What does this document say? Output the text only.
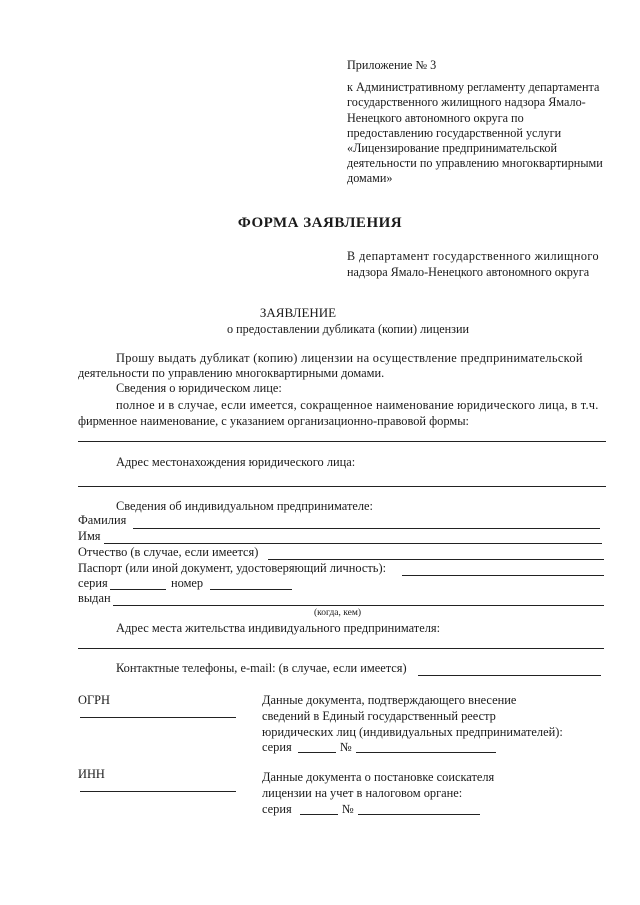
Приложение № 3
к Административному регламенту департамента
государственного жилищного надзора Ямало-
Ненецкого автономного округа по
предоставлению государственной услуги
«Лицензирование предпринимательской
деятельности по управлению многоквартирными
домами»
ФОРМА ЗАЯВЛЕНИЯ
В департамент государственного жилищного
надзора Ямало-Ненецкого автономного округа
ЗАЯВЛЕНИЕ
о предоставлении дубликата (копии) лицензии
Прошу выдать дубликат (копию) лицензии на осуществление предпринимательской
деятельности по управлению многоквартирными домами.
Сведения о юридическом лице:
полное и в случае, если имеется, сокращенное наименование юридического лица, в т.ч.
фирменное наименование, с указанием организационно-правовой формы:
Адрес местонахождения юридического лица:
Сведения об индивидуальном предпринимателе:
Фамилия
Имя
Отчество (в случае, если имеется)
Паспорт (или иной документ, удостоверяющий личность):
серия	номер
выдан
(когда, кем)
Адрес места жительства индивидуального предпринимателя:
Контактные телефоны, e-mail: (в случае, если имеется)
ОГРН	Данные документа, подтверждающего внесение
сведений в Единый государственный реестр
юридических лиц (индивидуальных предпринимателей):
серия	№
ИНН	Данные документа о постановке соискателя
лицензии на учет в налоговом органе:
серия	№
